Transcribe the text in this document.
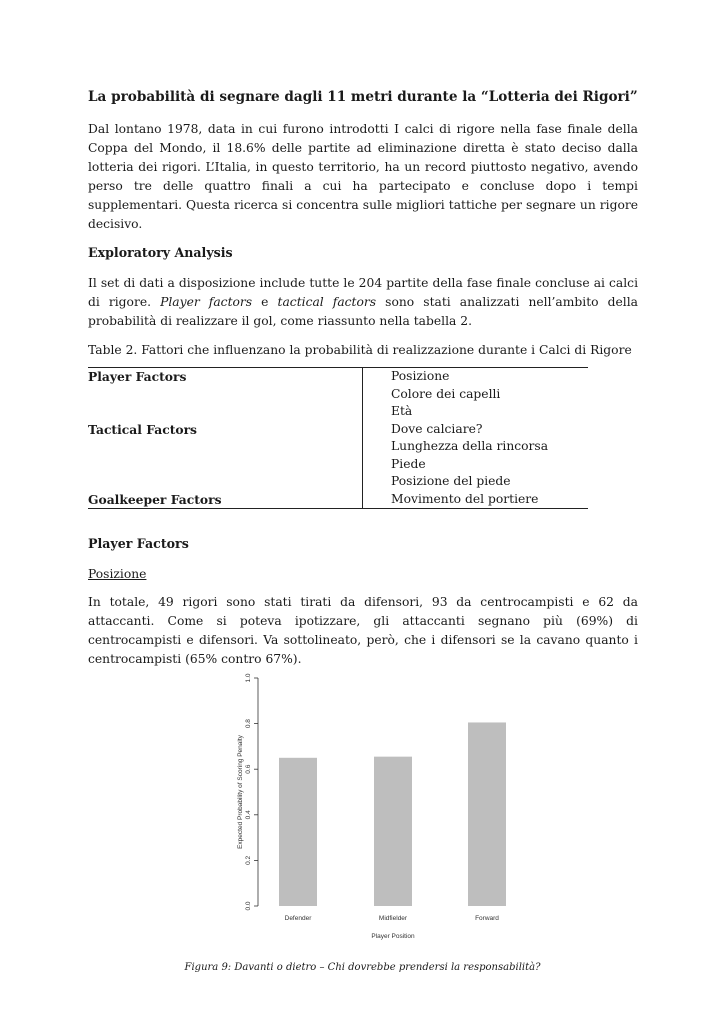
La probabilità di segnare dagli 11 metri durante la “Lotteria dei Rigori”

Dal lontano 1978, data in cui furono introdotti I calci di rigore nella fase finale della Coppa del Mondo, il 18.6% delle partite ad eliminazione diretta è stato deciso dalla lotteria dei rigori. L’Italia, in questo territorio, ha un record piuttosto negativo, avendo perso tre delle quattro finali a cui ha partecipato e concluse dopo i tempi supplementari. Questa ricerca si concentra sulle migliori tattiche per segnare un rigore decisivo.

Exploratory Analysis

Il set di dati a disposizione include tutte le 204 partite della fase finale concluse ai calci di rigore. Player factors e tactical factors sono stati analizzati nell’ambito della probabilità di realizzare il gol, come riassunto nella tabella 2.

Table 2. Fattori che influenzano la probabilità di realizzazione durante i Calci di Rigore
Player Factors	Posizione
	Colore dei capelli
	Età
Tactical Factors	Dove calciare?
	Lunghezza della rincorsa
	Piede
	Posizione del piede
Goalkeeper Factors	Movimento del portiere
Player Factors
Posizione

In totale, 49 rigori sono stati tirati da difensori, 93 da centrocampisti e 62 da attaccanti. Come si poteva ipotizzare, gli attaccanti segnano più (69%) di centrocampisti e difensori. Va sottolineato, però, che i difensori se la cavano quanto i centrocampisti (65% contro 67%).

0.0
0.2
0.4
0.6
0.8
1.0
Defender	Midfielder	Forward
Player Position
Expected Probability of Scoring Penalty
Figura 9: Davanti o dietro – Chi dovrebbe prendersi la responsabilità?
